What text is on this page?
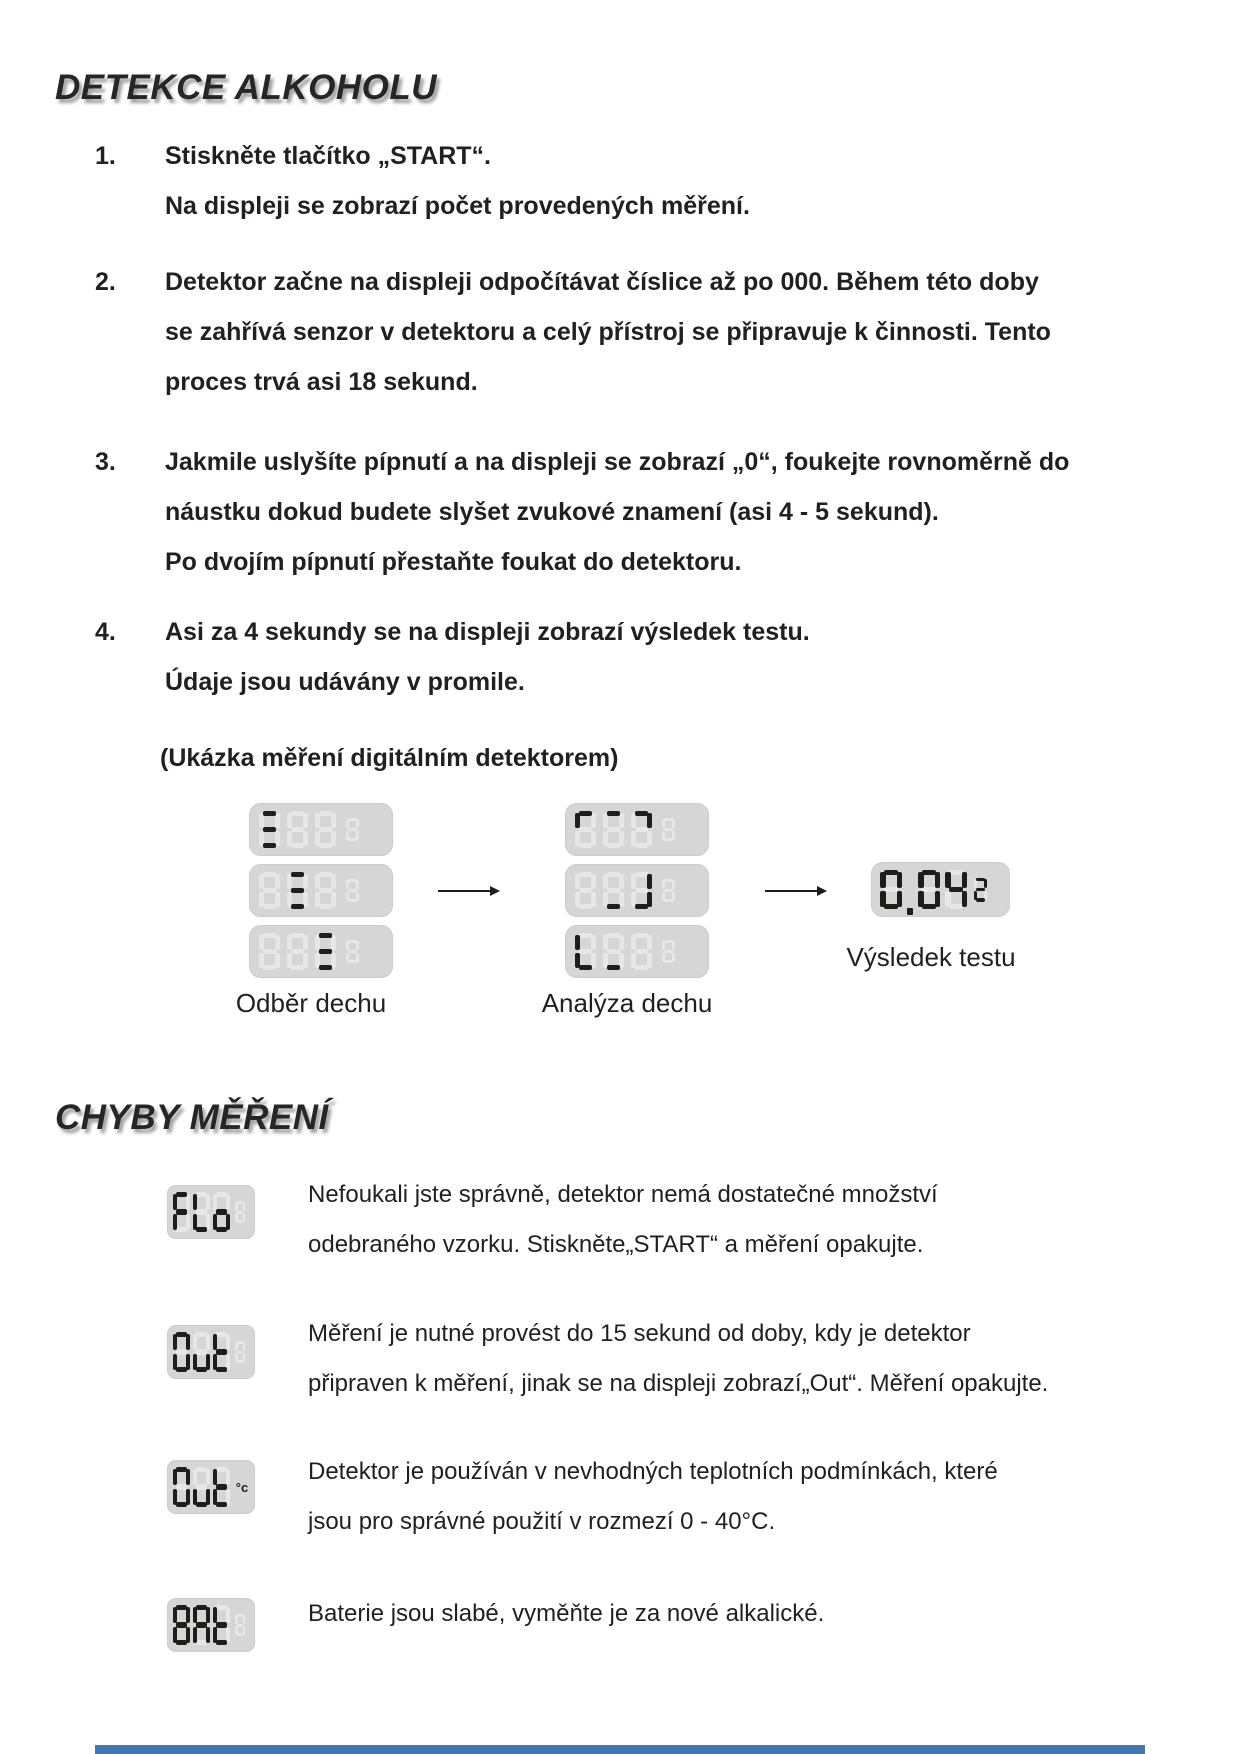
DETEKCE ALKOHOLU
1. Stiskněte tlačítko „START“.
Na displeji se zobrazí počet provedených měření.
2. Detektor začne na displeji odpočítávat číslice až po 000. Během této doby
se zahřívá senzor v detektoru a celý přístroj se připravuje k činnosti. Tento
proces trvá asi 18 sekund.
3. Jakmile uslyšíte pípnutí a na displeji se zobrazí „0“, foukejte rovnoměrně do
náustku dokud budete slyšet zvukové znamení (asi 4 - 5 sekund).
Po dvojím pípnutí přestaňte foukat do detektoru.
4. Asi za 4 sekundy se na displeji zobrazí výsledek testu.
Údaje jsou udávány v promile.
(Ukázka měření digitálním detektorem)
Odběr dechu	Analýza dechu
Výsledek testu
CHYBY MĚŘENÍ
Nefoukali jste správně, detektor nemá dostatečné množství
odebraného vzorku. Stiskněte„START“ a měření opakujte.
Měření je nutné provést do 15 sekund od doby, kdy je detektor
připraven k měření, jinak se na displeji zobrazí„Out“. Měření opakujte.
°c
Detektor je používán v nevhodných teplotních podmínkách, které
jsou pro správné použití v rozmezí 0 - 40°C.
Baterie jsou slabé, vyměňte je za nové alkalické.
